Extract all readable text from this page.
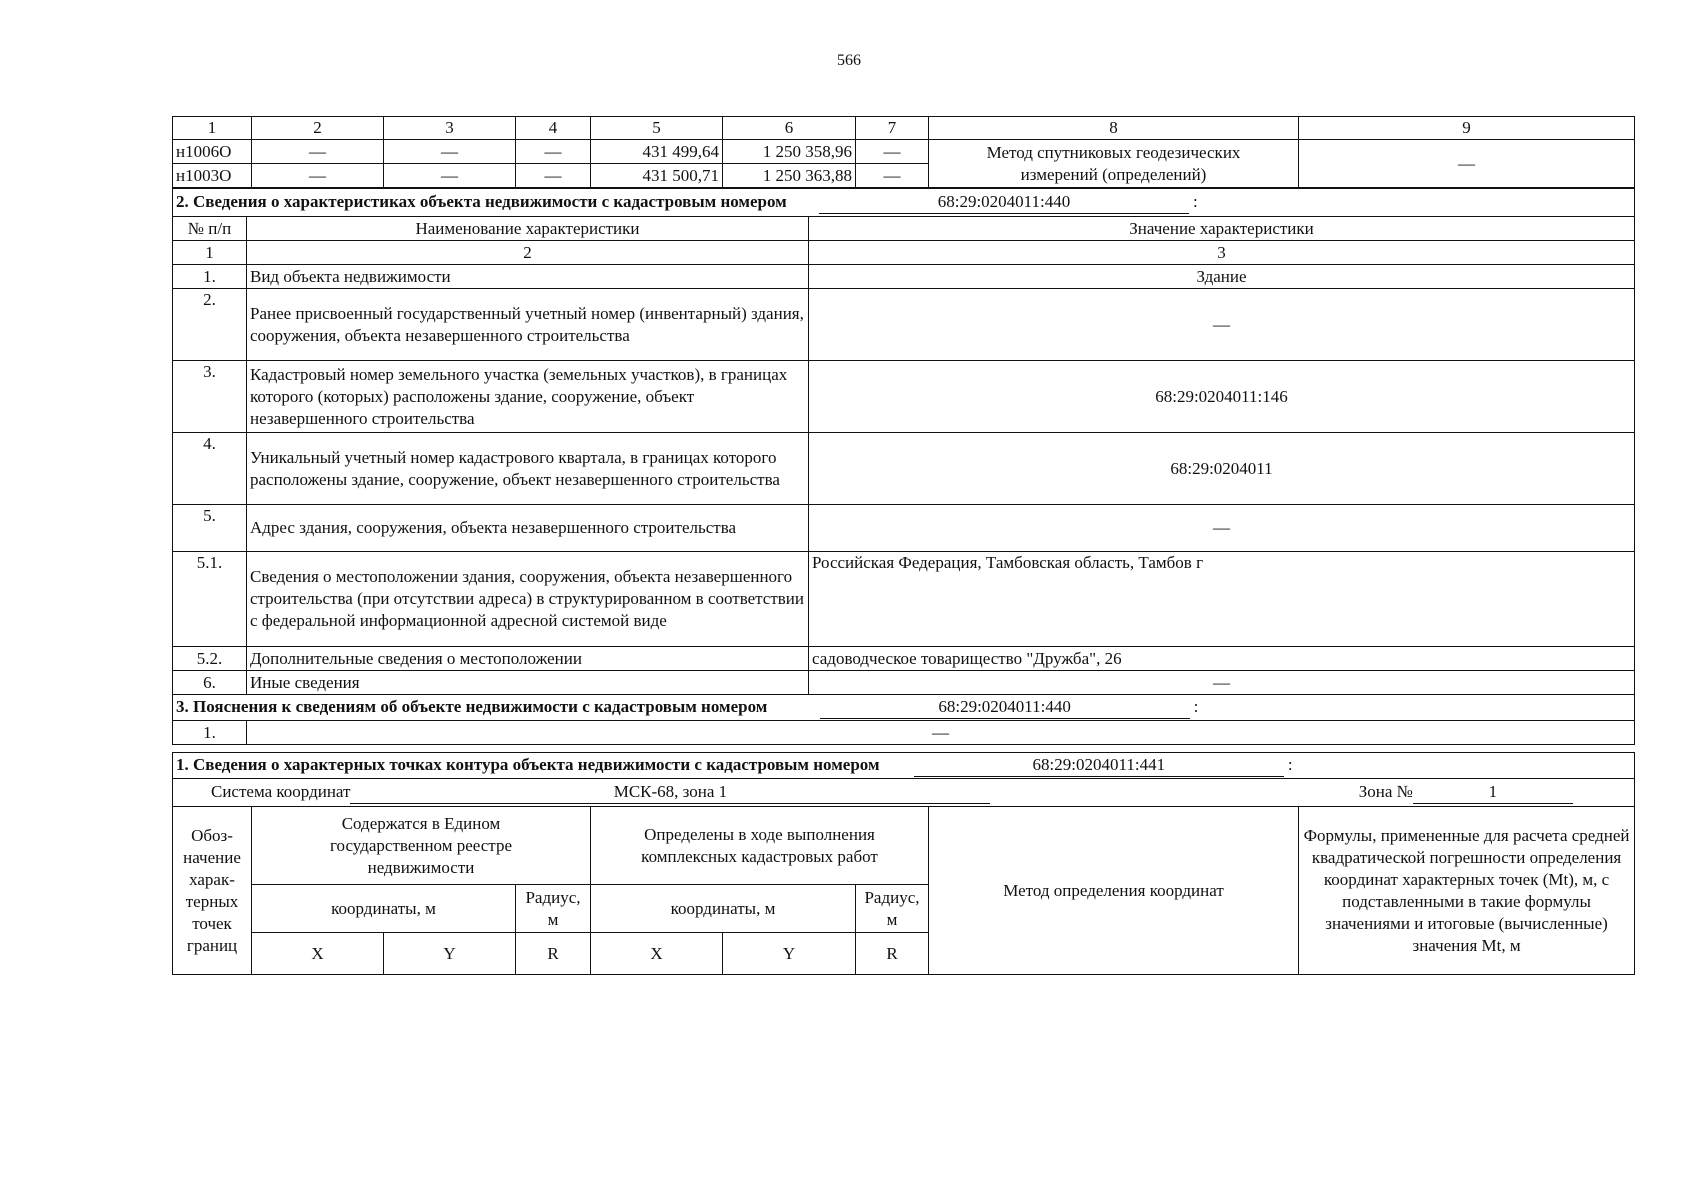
566
1	2	3	4	5	6	7	8	9
н1006О	—	—	—	431 499,64	1 250 358,96	—	Метод спутниковых геодезических измерений (определений)	—
н1003О	—	—	—	431 500,71	1 250 363,88	—		
2. Сведения о характеристиках объекта недвижимости с кадастровым номером 68:29:0204011:440 :		
№ п/п	Наименование характеристики	Значение характеристики
1	2	3
1.	Вид объекта недвижимости	Здание
2.	Ранее присвоенный государственный учетный номер (инвентарный) здания, сооружения, объекта незавершенного строительства	—
3.	Кадастровый номер земельного участка (земельных участков), в границах которого (которых) расположены здание, сооружение, объект незавершенного строительства	68:29:0204011:146
4.	Уникальный учетный номер кадастрового квартала, в границах которого расположены здание, сооружение, объект незавершенного строительства	68:29:0204011
5.	Адрес здания, сооружения, объекта незавершенного строительства	—
5.1.	Сведения о местоположении здания, сооружения, объекта незавершенного строительства (при отсутствии адреса) в структурированном в соответствии с федеральной информационной адресной системой виде	Российская Федерация, Тамбовская область, Тамбов г
5.2.	Дополнительные сведения о местоположении	садоводческое товарищество "Дружба", 26
6.	Иные сведения	—
3. Пояснения к сведениям об объекте недвижимости с кадастровым номером 68:29:0204011:440 :		
1.	—	
1. Сведения о характерных точках контура объекта недвижимости с кадастровым номером 68:29:0204011:441 :								
Система координат МСК-68, зона 1 Зона № 1								
Обоз-начение харак-терных точек границ	Содержатся в Едином государственном реестре недвижимости			Определены в ходе выполнения комплексных кадастровых работ			Метод определения координат	Формулы, примененные для расчета средней квадратической погрешности определения координат характерных точек (Mt), м, с подставленными в такие формулы значениями и итоговые (вычисленные) значения Mt, м
	координаты, м		Радиус, м	координаты, м		Радиус, м		
	X	Y	R	X	Y	R		
